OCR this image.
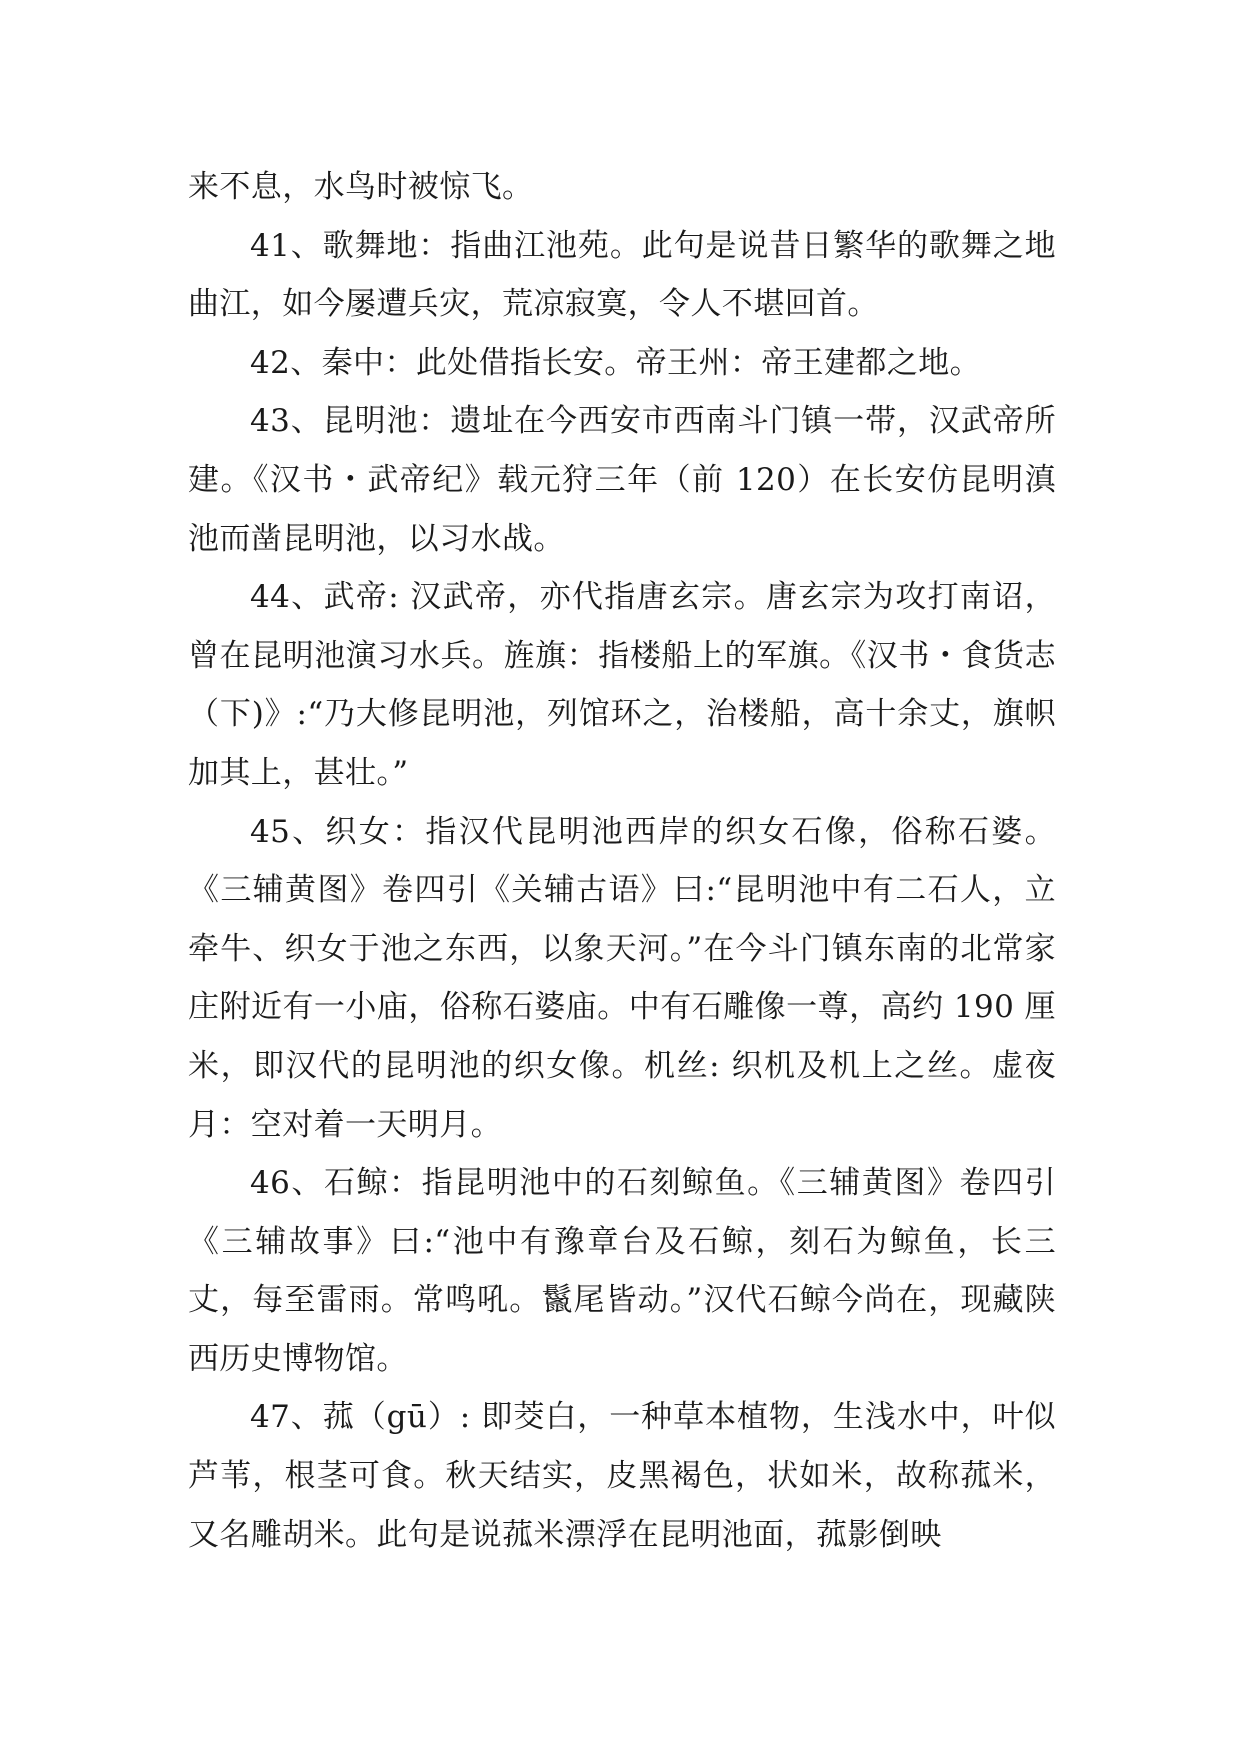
来不息，水鸟时被惊飞。

41、歌舞地：指曲江池苑。此句是说昔日繁华的歌舞之地曲江，如今屡遭兵灾，荒凉寂寞，令人不堪回首。

42、秦中：此处借指长安。帝王州：帝王建都之地。

43、昆明池：遗址在今西安市西南斗门镇一带，汉武帝所建。《汉书・武帝纪》载元狩三年（前 120）在长安仿昆明滇池而凿昆明池，以习水战。

44、武帝: 汉武帝，亦代指唐玄宗。唐玄宗为攻打南诏，曾在昆明池演习水兵。旌旗：指楼船上的军旗。《汉书・食货志（下)》:“乃大修昆明池，列馆环之，治楼船，高十余丈，旗帜加其上，甚壮。”

45、织女：指汉代昆明池西岸的织女石像，俗称石婆。《三辅黄图》卷四引《关辅古语》曰:“昆明池中有二石人，立牵牛、织女于池之东西，以象天河。”在今斗门镇东南的北常家庄附近有一小庙，俗称石婆庙。中有石雕像一尊，高约 190 厘米，即汉代的昆明池的织女像。机丝: 织机及机上之丝。虚夜月：空对着一天明月。

46、石鲸：指昆明池中的石刻鲸鱼。《三辅黄图》卷四引《三辅故事》曰:“池中有豫章台及石鲸，刻石为鲸鱼，长三丈，每至雷雨。常鸣吼。鬣尾皆动。”汉代石鲸今尚在，现藏陕西历史博物馆。

47、菰（gū）: 即茭白，一种草本植物，生浅水中，叶似芦苇，根茎可食。秋天结实，皮黑褐色，状如米，故称菰米，又名雕胡米。此句是说菰米漂浮在昆明池面，菰影倒映
